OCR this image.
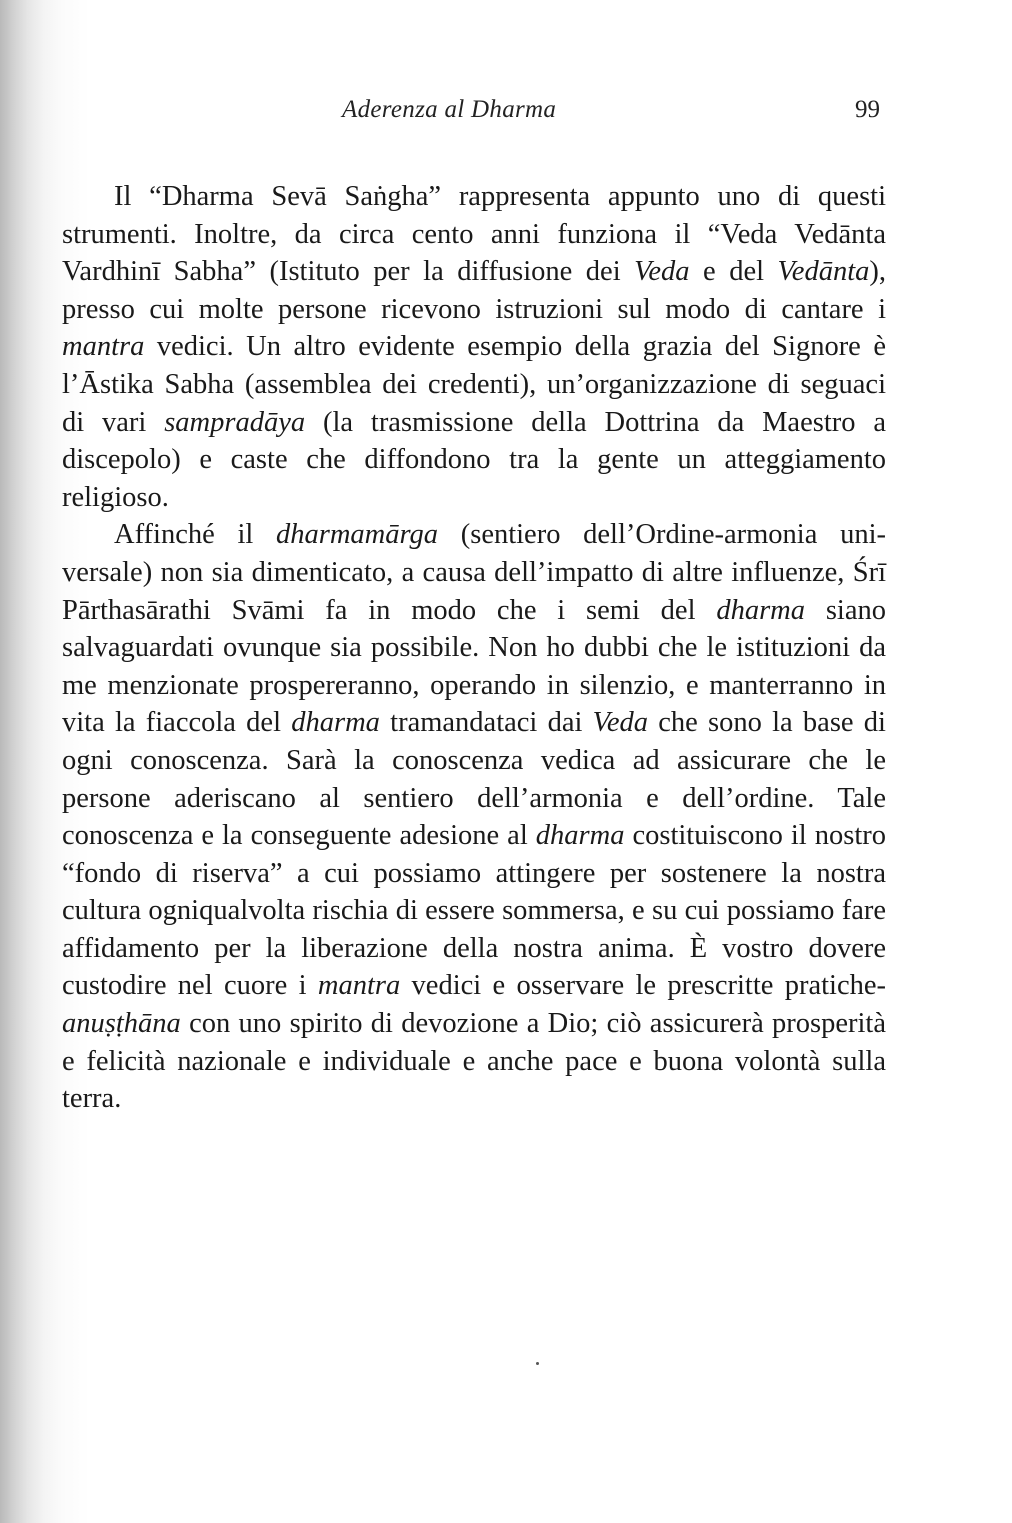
Aderenza al Dharma	99

Il “Dharma Sevā Saṅgha” rappresenta appunto uno di questi strumenti. Inoltre, da circa cento anni funziona il “Veda Vedānta Vardhinī Sabha” (Istituto per la diffusione dei Veda e del Vedānta), presso cui molte persone ricevono istruzioni sul modo di cantare i mantra vedici. Un altro evidente esempio della grazia del Signore è l’Āstika Sabha (assemblea dei credenti), un’organizzazione di seguaci di vari sampradāya (la trasmissione della Dottrina da Maestro a discepolo) e caste che diffondono tra la gente un atteggiamento religioso.

Affinché il dharmamārga (sentiero dell’Ordine-armonia universale) non sia dimenticato, a causa dell’impatto di altre influenze, Śrī Pārthasārathi Svāmi fa in modo che i semi del dharma siano salvaguardati ovunque sia possibile. Non ho dubbi che le istituzioni da me menzionate prospereranno, operando in silenzio, e manterranno in vita la fiaccola del dharma tramandataci dai Veda che sono la base di ogni conoscenza. Sarà la conoscenza vedica ad assicurare che le persone aderiscano al sentiero dell’armonia e dell’ordine. Tale conoscenza e la conseguente adesione al dharma costituiscono il nostro “fondo di riserva” a cui possiamo attingere per sostenere la nostra cultura ogniqualvolta rischia di essere sommersa, e su cui possiamo fare affidamento per la liberazione della nostra anima. È vostro dovere custodire nel cuore i mantra vedici e osservare le prescritte pratiche-anuṣṭhāna con uno spirito di devozione a Dio; ciò assicurerà prosperità e felicità nazionale e individuale e anche pace e buona volontà sulla terra.
